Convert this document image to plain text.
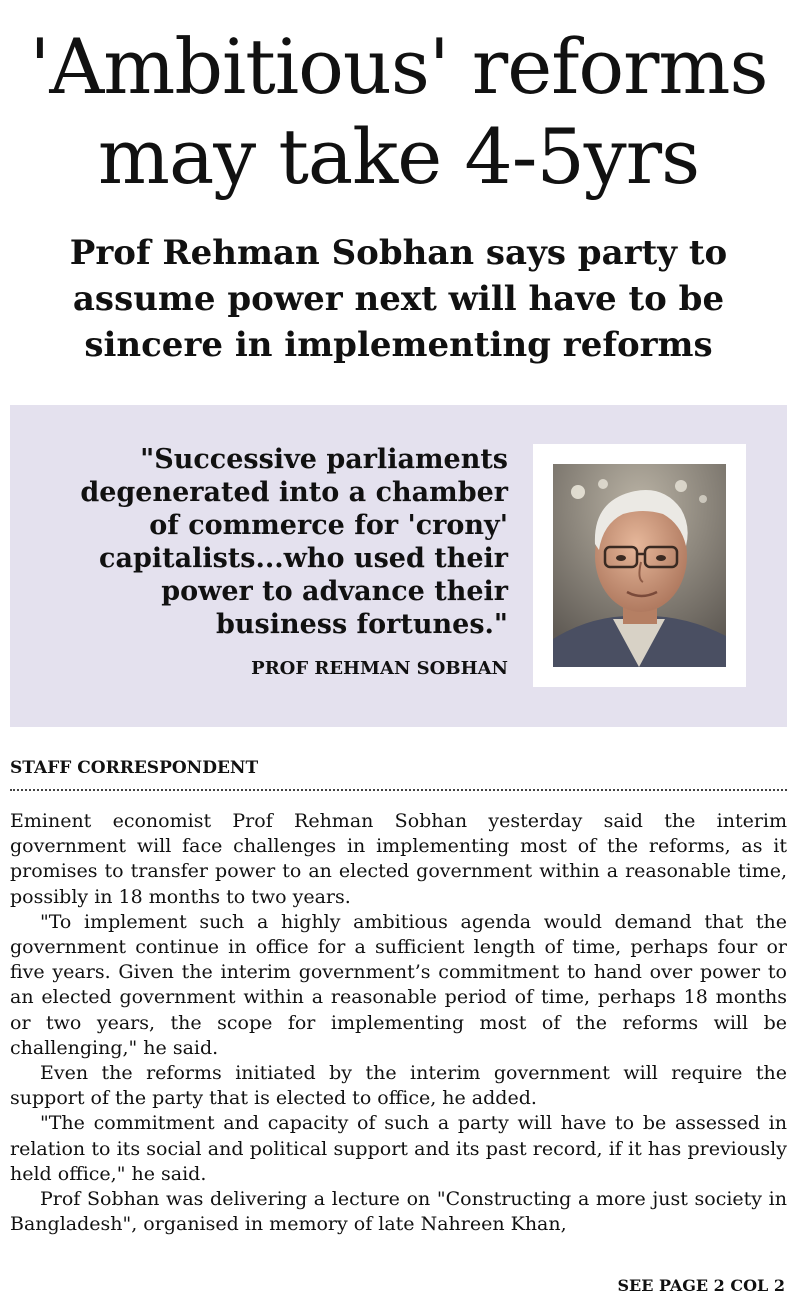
'Ambitious' reforms
may take 4-5yrs
Prof Rehman Sobhan says party to
assume power next will have to be
sincere in implementing reforms

"Successive parliaments
degenerated into a chamber
of commerce for 'crony'
capitalists...who used their
power to advance their
business fortunes."

PROF REHMAN SOBHAN
STAFF CORRESPONDENT

Eminent economist Prof Rehman Sobhan yesterday said the interim government will face challenges in implementing most of the reforms, as it promises to transfer power to an elected government within a reasonable time, possibly in 18 months to two years.

"To implement such a highly ambitious agenda would demand that the government continue in office for a sufficient length of time, perhaps four or five years. Given the interim government’s commitment to hand over power to an elected government within a reasonable period of time, perhaps 18 months or two years, the scope for implementing most of the reforms will be challenging," he said.

Even the reforms initiated by the interim government will require the support of the party that is elected to office, he added.

"The commitment and capacity of such a party will have to be assessed in relation to its social and political support and its past record, if it has previously held office," he said.

Prof Sobhan was delivering a lecture on "Constructing a more just society in Bangladesh", organised in memory of late Nahreen Khan,

SEE PAGE 2 COL 2
